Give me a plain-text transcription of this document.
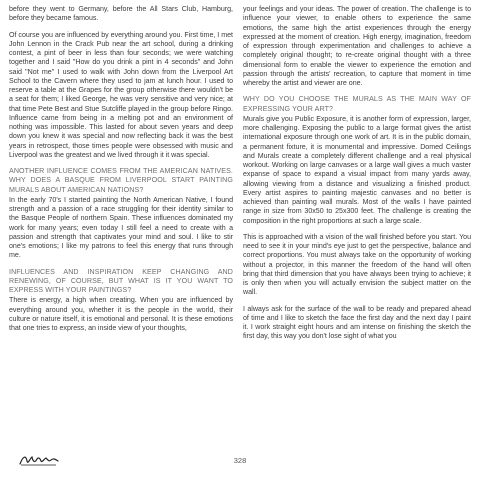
before they went to Germany, before the All Stars Club, Hamburg, before they became famous.

Of course you are influenced by everything around you. First time, I met John Lennon in the Crack Pub near the art school, during a drinking contest, a pint of beer in less than four seconds; we were watching together and I said "How do you drink a pint in 4 seconds" and John said "Not me" I used to walk with John down from the Liverpool Art School to the Cavern where they used to jam at lunch hour. I used to reserve a table at the Grapes for the group otherwise there wouldn't be a seat for them; I liked George, he was very sensitive and very nice; at that time Pete Best and Stue Sutcliffe played in the group before Ringo. Influence came from being in a melting pot and an environment of nothing was impossible. This lasted for about seven years and deep down you knew it was special and now reflecting back it was the best years in retrospect, those times people were obsessed with music and Liverpool was the greatest and we lived through it it was special.

ANOTHER INFLUENCE COMES FROM THE AMERICAN NATIVES. WHY DOES A BASQUE FROM LIVERPOOL START PAINTING MURALS ABOUT AMERICAN NATIONS?

In the early 70's I started painting the North American Native, I found strength and a passion of a race struggling for their identity similar to the Basque People of northern Spain. These influences dominated my work for many years; even today I still feel a need to create with a passion and strength that captivates your mind and soul. I like to stir one's emotions; I like my patrons to feel this energy that runs through me.

INFLUENCES AND INSPIRATION KEEP CHANGING AND RENEWING, OF COURSE, BUT WHAT IS IT YOU WANT TO EXPRESS WITH YOUR PAINTINGS?

There is energy, a high when creating. When you are influenced by everything around you, whether it is the people in the world, their culture or nature itself, it is emotional and personal. It is these emotions that one tries to express, an inside view of your thoughts,

your feelings and your ideas. The power of creation. The challenge is to influence your viewer, to enable others to experience the same emotions, the same high the artist experiences through the energy expressed at the moment of creation. High energy, imagination, freedom of expression through experimentation and challenges to achieve a completely original thought; to re-create original thought with a three dimensional form to enable the viewer to experience the emotion and passion through the artists' recreation, to capture that moment in time whereby the artist and viewer are one.

WHY DO YOU CHOOSE THE MURALS AS THE MAIN WAY OF EXPRESSING YOUR ART?

Murals give you Public Exposure, it is another form of expression, larger, more challenging. Exposing the public to a large format gives the artist international exposure through one work of art. It is in the public domain, a permanent fixture, it is monumental and impressive. Domed Ceilings and Murals create a completely different challenge and a real physical workout. Working on large canvases or a large wall gives a much vaster expanse of space to expand a visual impact from many yards away, allowing viewing from a distance and visualizing a finished product. Every artist aspires to painting majestic canvases and no better is achieved than painting wall murals. Most of the walls I have painted range in size from 30x50 to 25x300 feet. The challenge is creating the composition in the right proportions at such a large scale.

This is approached with a vision of the wall finished before you start. You need to see it in your mind's eye just to get the perspective, balance and correct proportions. You must always take on the opportunity of working without a projector, in this manner the freedom of the hand will often bring that third dimension that you have always been trying to achieve; it is only then when you will actually envision the subject matter on the wall.

I always ask for the surface of the wall to be ready and prepared ahead of time and I like to sketch the face the first day and the next day I paint it. I work straight eight hours and am intense on finishing the sketch the first day, this way you don't lose sight of what you

328
